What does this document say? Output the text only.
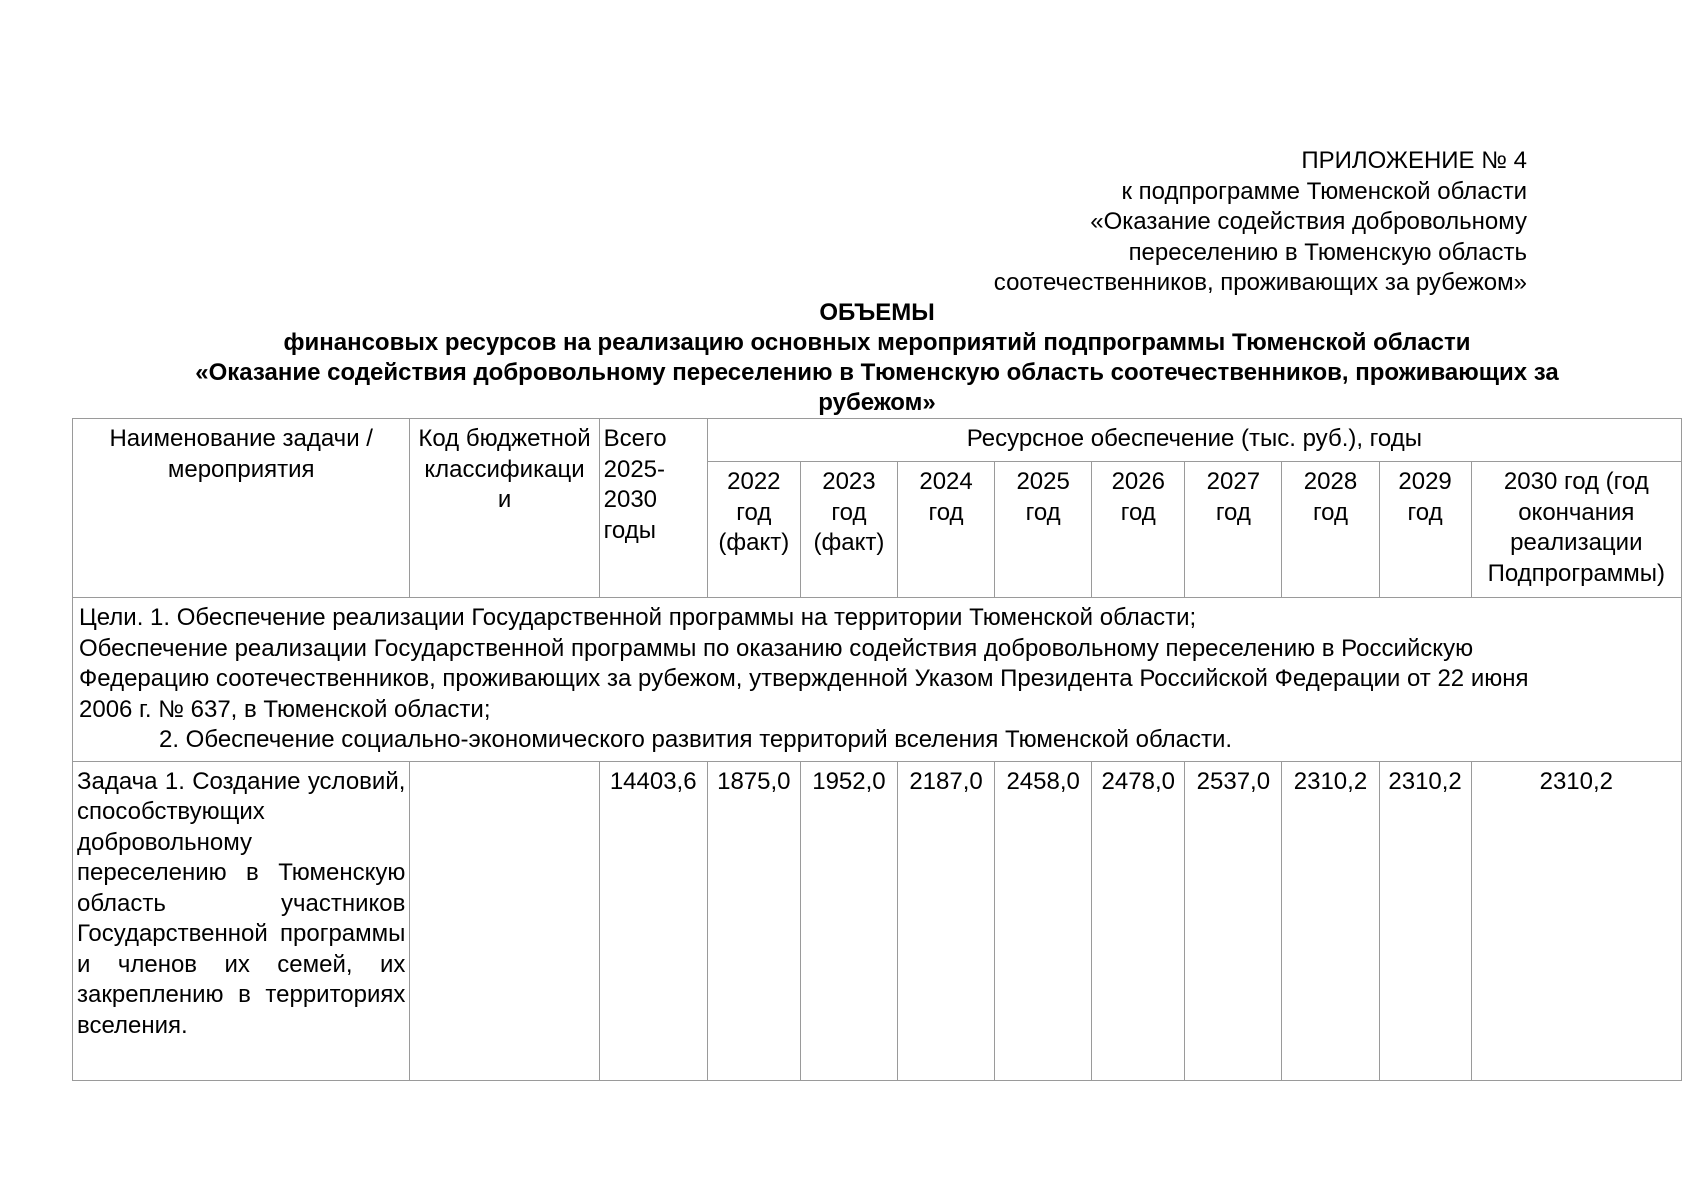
ПРИЛОЖЕНИЕ № 4
к подпрограмме Тюменской области
«Оказание содействия добровольному
переселению в Тюменскую область
соотечественников, проживающих за рубежом»
ОБЪЕМЫ
финансовых ресурсов на реализацию основных мероприятий подпрограммы Тюменской области
«Оказание содействия добровольному переселению в Тюменскую область соотечественников, проживающих за
рубежом»
Наименование задачи / мероприятия	Код бюджетной классификаци и	Всего 2025-2030 годы	Ресурсное обеспечение (тыс. руб.), годы								
			2022 год (факт)	2023 год (факт)	2024 год	2025 год	2026 год	2027 год	2028 год	2029 год	2030 год (год окончания реализации Подпрограммы)

Цели. 1. Обеспечение реализации Государственной программы на территории Тюменской области;
Обеспечение реализации Государственной программы по оказанию содействия добровольному переселению в Российскую
Федерацию соотечественников, проживающих за рубежом, утвержденной Указом Президента Российской Федерации от 22 июня
2006 г. № 637, в Тюменской области;
2. Обеспечение социально-экономического развития территорий вселения Тюменской области.											

Задача 1. Создание условий, способствующих добровольному переселению в Тюменскую область участников Государственной программы и членов их семей, их закреплению в территориях вселения.		14403,6	1875,0	1952,0	2187,0	2458,0	2478,0	2537,0	2310,2	2310,2	2310,2
